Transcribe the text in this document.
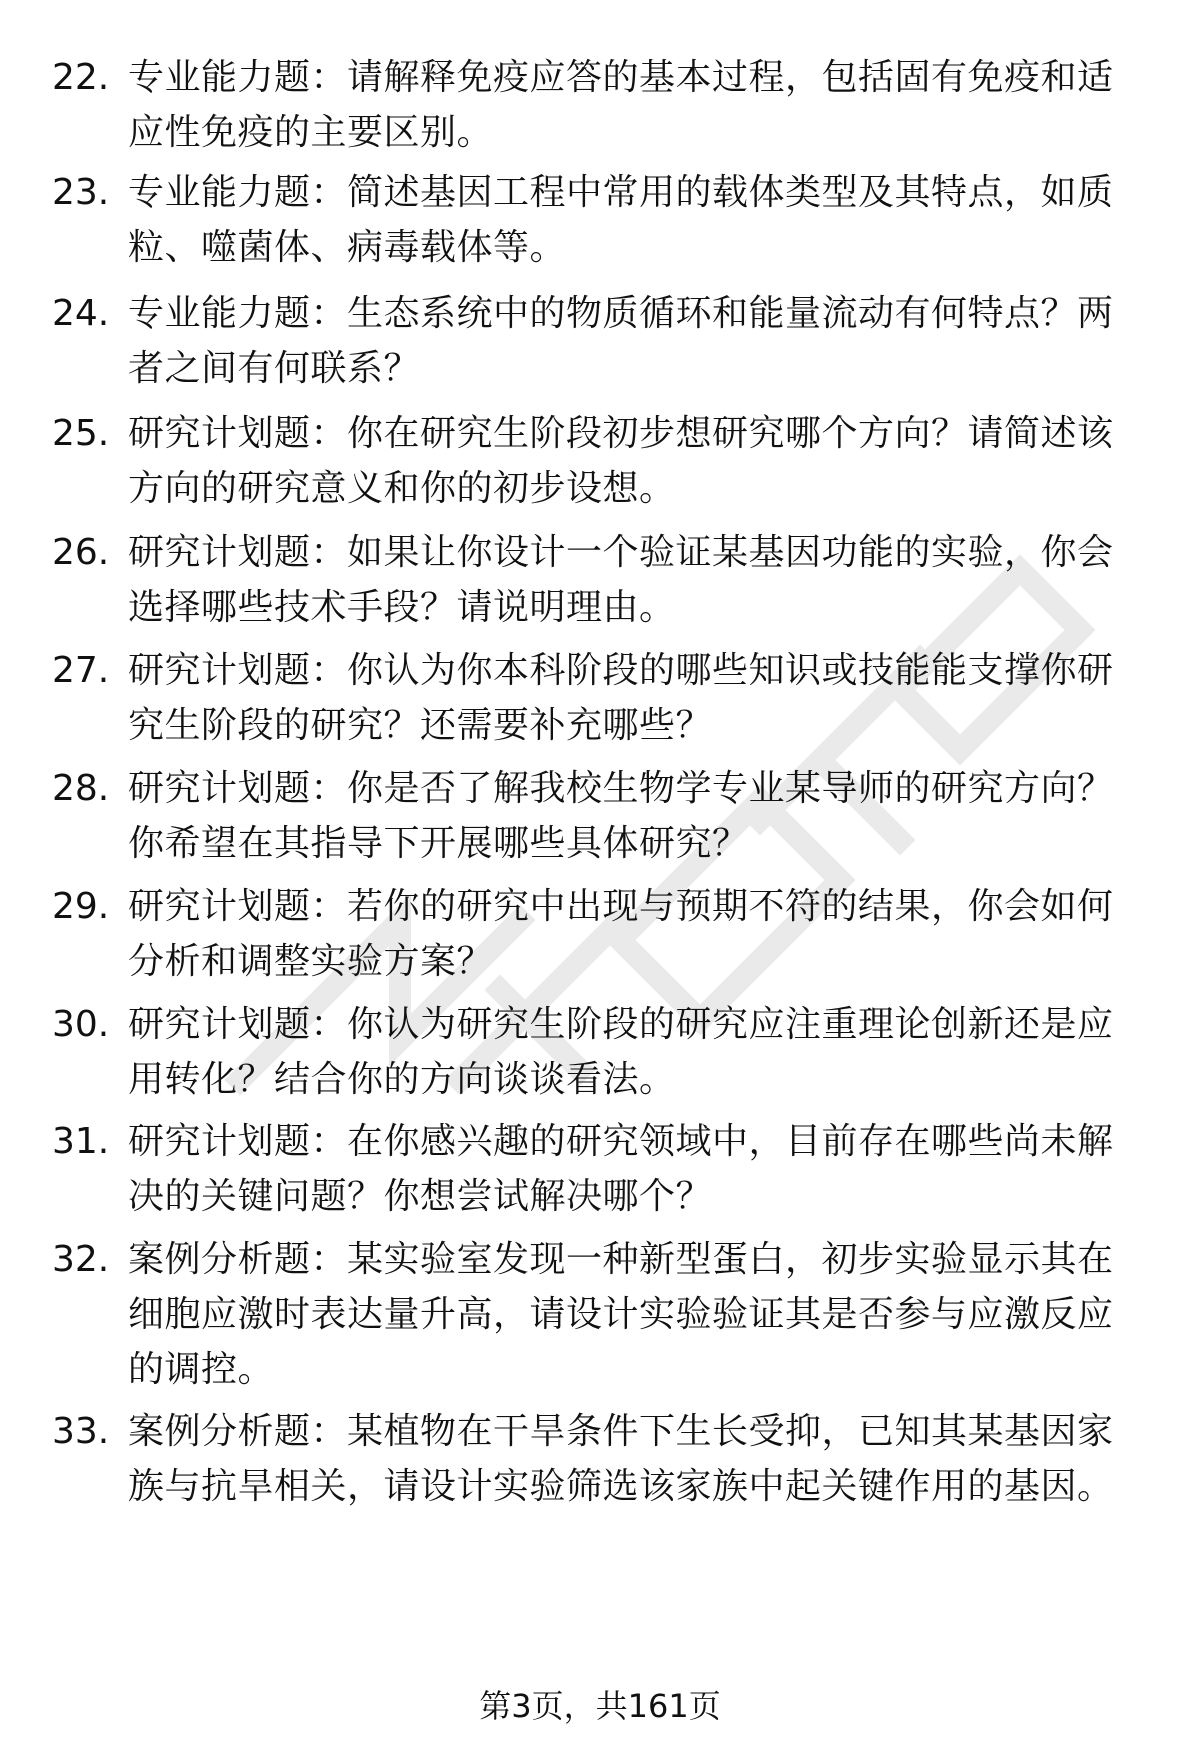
22. 专业能力题：请解释免疫应答的基本过程，包括固有免疫和适应性免疫的主要区别。
23. 专业能力题：简述基因工程中常用的载体类型及其特点，如质粒、噬菌体、病毒载体等。
24. 专业能力题：生态系统中的物质循环和能量流动有何特点？两者之间有何联系？
25. 研究计划题：你在研究生阶段初步想研究哪个方向？请简述该方向的研究意义和你的初步设想。
26. 研究计划题：如果让你设计一个验证某基因功能的实验，你会选择哪些技术手段？请说明理由。
27. 研究计划题：你认为你本科阶段的哪些知识或技能能支撑你研究生阶段的研究？还需要补充哪些？
28. 研究计划题：你是否了解我校生物学专业某导师的研究方向？你希望在其指导下开展哪些具体研究？
29. 研究计划题：若你的研究中出现与预期不符的结果，你会如何分析和调整实验方案？
30. 研究计划题：你认为研究生阶段的研究应注重理论创新还是应用转化？结合你的方向谈谈看法。
31. 研究计划题：在你感兴趣的研究领域中，目前存在哪些尚未解决的关键问题？你想尝试解决哪个？
32. 案例分析题：某实验室发现一种新型蛋白，初步实验显示其在细胞应激时表达量升高，请设计实验验证其是否参与应激反应的调控。
33. 案例分析题：某植物在干旱条件下生长受抑，已知其某基因家族与抗旱相关，请设计实验筛选该家族中起关键作用的基因。
第3页，共161页
